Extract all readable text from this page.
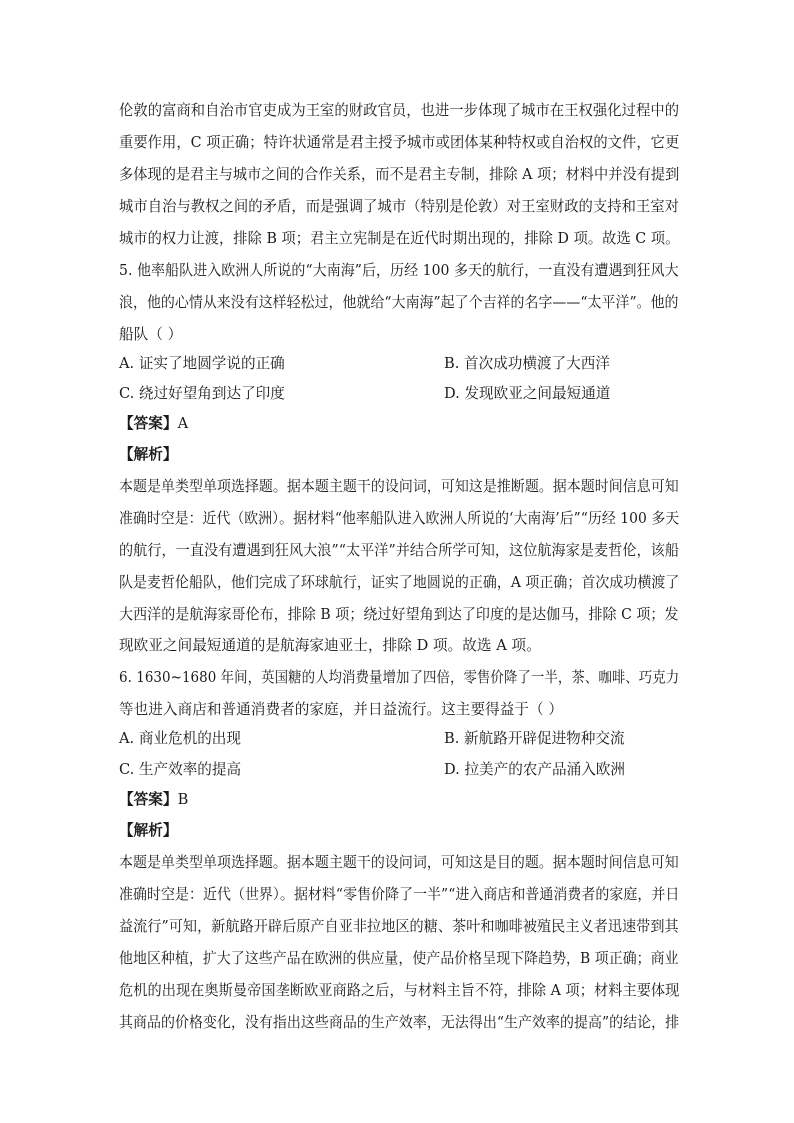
伦敦的富商和自治市官吏成为王室的财政官员，也进一步体现了城市在王权强化过程中的
重要作用，C 项正确；特许状通常是君主授予城市或团体某种特权或自治权的文件，它更
多体现的是君主与城市之间的合作关系，而不是君主专制，排除 A 项；材料中并没有提到
城市自治与教权之间的矛盾，而是强调了城市（特别是伦敦）对王室财政的支持和王室对
城市的权力让渡，排除 B 项；君主立宪制是在近代时期出现的，排除 D 项。故选 C 项。
5. 他率船队进入欧洲人所说的“大南海”后，历经 100 多天的航行，一直没有遭遇到狂风大
浪，他的心情从来没有这样轻松过，他就给“大南海”起了个吉祥的名字——“太平洋”。他的
船队（ ）
A. 证实了地圆学说的正确	B. 首次成功横渡了大西洋
C. 绕过好望角到达了印度	D. 发现欧亚之间最短通道
【答案】A
【解析】
本题是单类型单项选择题。据本题主题干的设问词，可知这是推断题。据本题时间信息可知
准确时空是：近代（欧洲）。据材料“他率船队进入欧洲人所说的‘大南海’后”“历经 100 多天
的航行，一直没有遭遇到狂风大浪”“太平洋”并结合所学可知，这位航海家是麦哲伦，该船
队是麦哲伦船队，他们完成了环球航行，证实了地圆说的正确，A 项正确；首次成功横渡了
大西洋的是航海家哥伦布，排除 B 项；绕过好望角到达了印度的是达伽马，排除 C 项；发
现欧亚之间最短通道的是航海家迪亚士，排除 D 项。故选 A 项。
6. 1630~1680 年间，英国糖的人均消费量增加了四倍，零售价降了一半，茶、咖啡、巧克力
等也进入商店和普通消费者的家庭，并日益流行。这主要得益于（ ）
A. 商业危机的出现	B. 新航路开辟促进物种交流
C. 生产效率的提高	D. 拉美产的农产品涌入欧洲
【答案】B
【解析】
本题是单类型单项选择题。据本题主题干的设问词，可知这是目的题。据本题时间信息可知
准确时空是：近代（世界）。据材料“零售价降了一半”“进入商店和普通消费者的家庭，并日
益流行”可知，新航路开辟后原产自亚非拉地区的糖、茶叶和咖啡被殖民主义者迅速带到其
他地区种植，扩大了这些产品在欧洲的供应量，使产品价格呈现下降趋势，B 项正确；商业
危机的出现在奥斯曼帝国垄断欧亚商路之后，与材料主旨不符，排除 A 项；材料主要体现
其商品的价格变化，没有指出这些商品的生产效率，无法得出“生产效率的提高”的结论，排
